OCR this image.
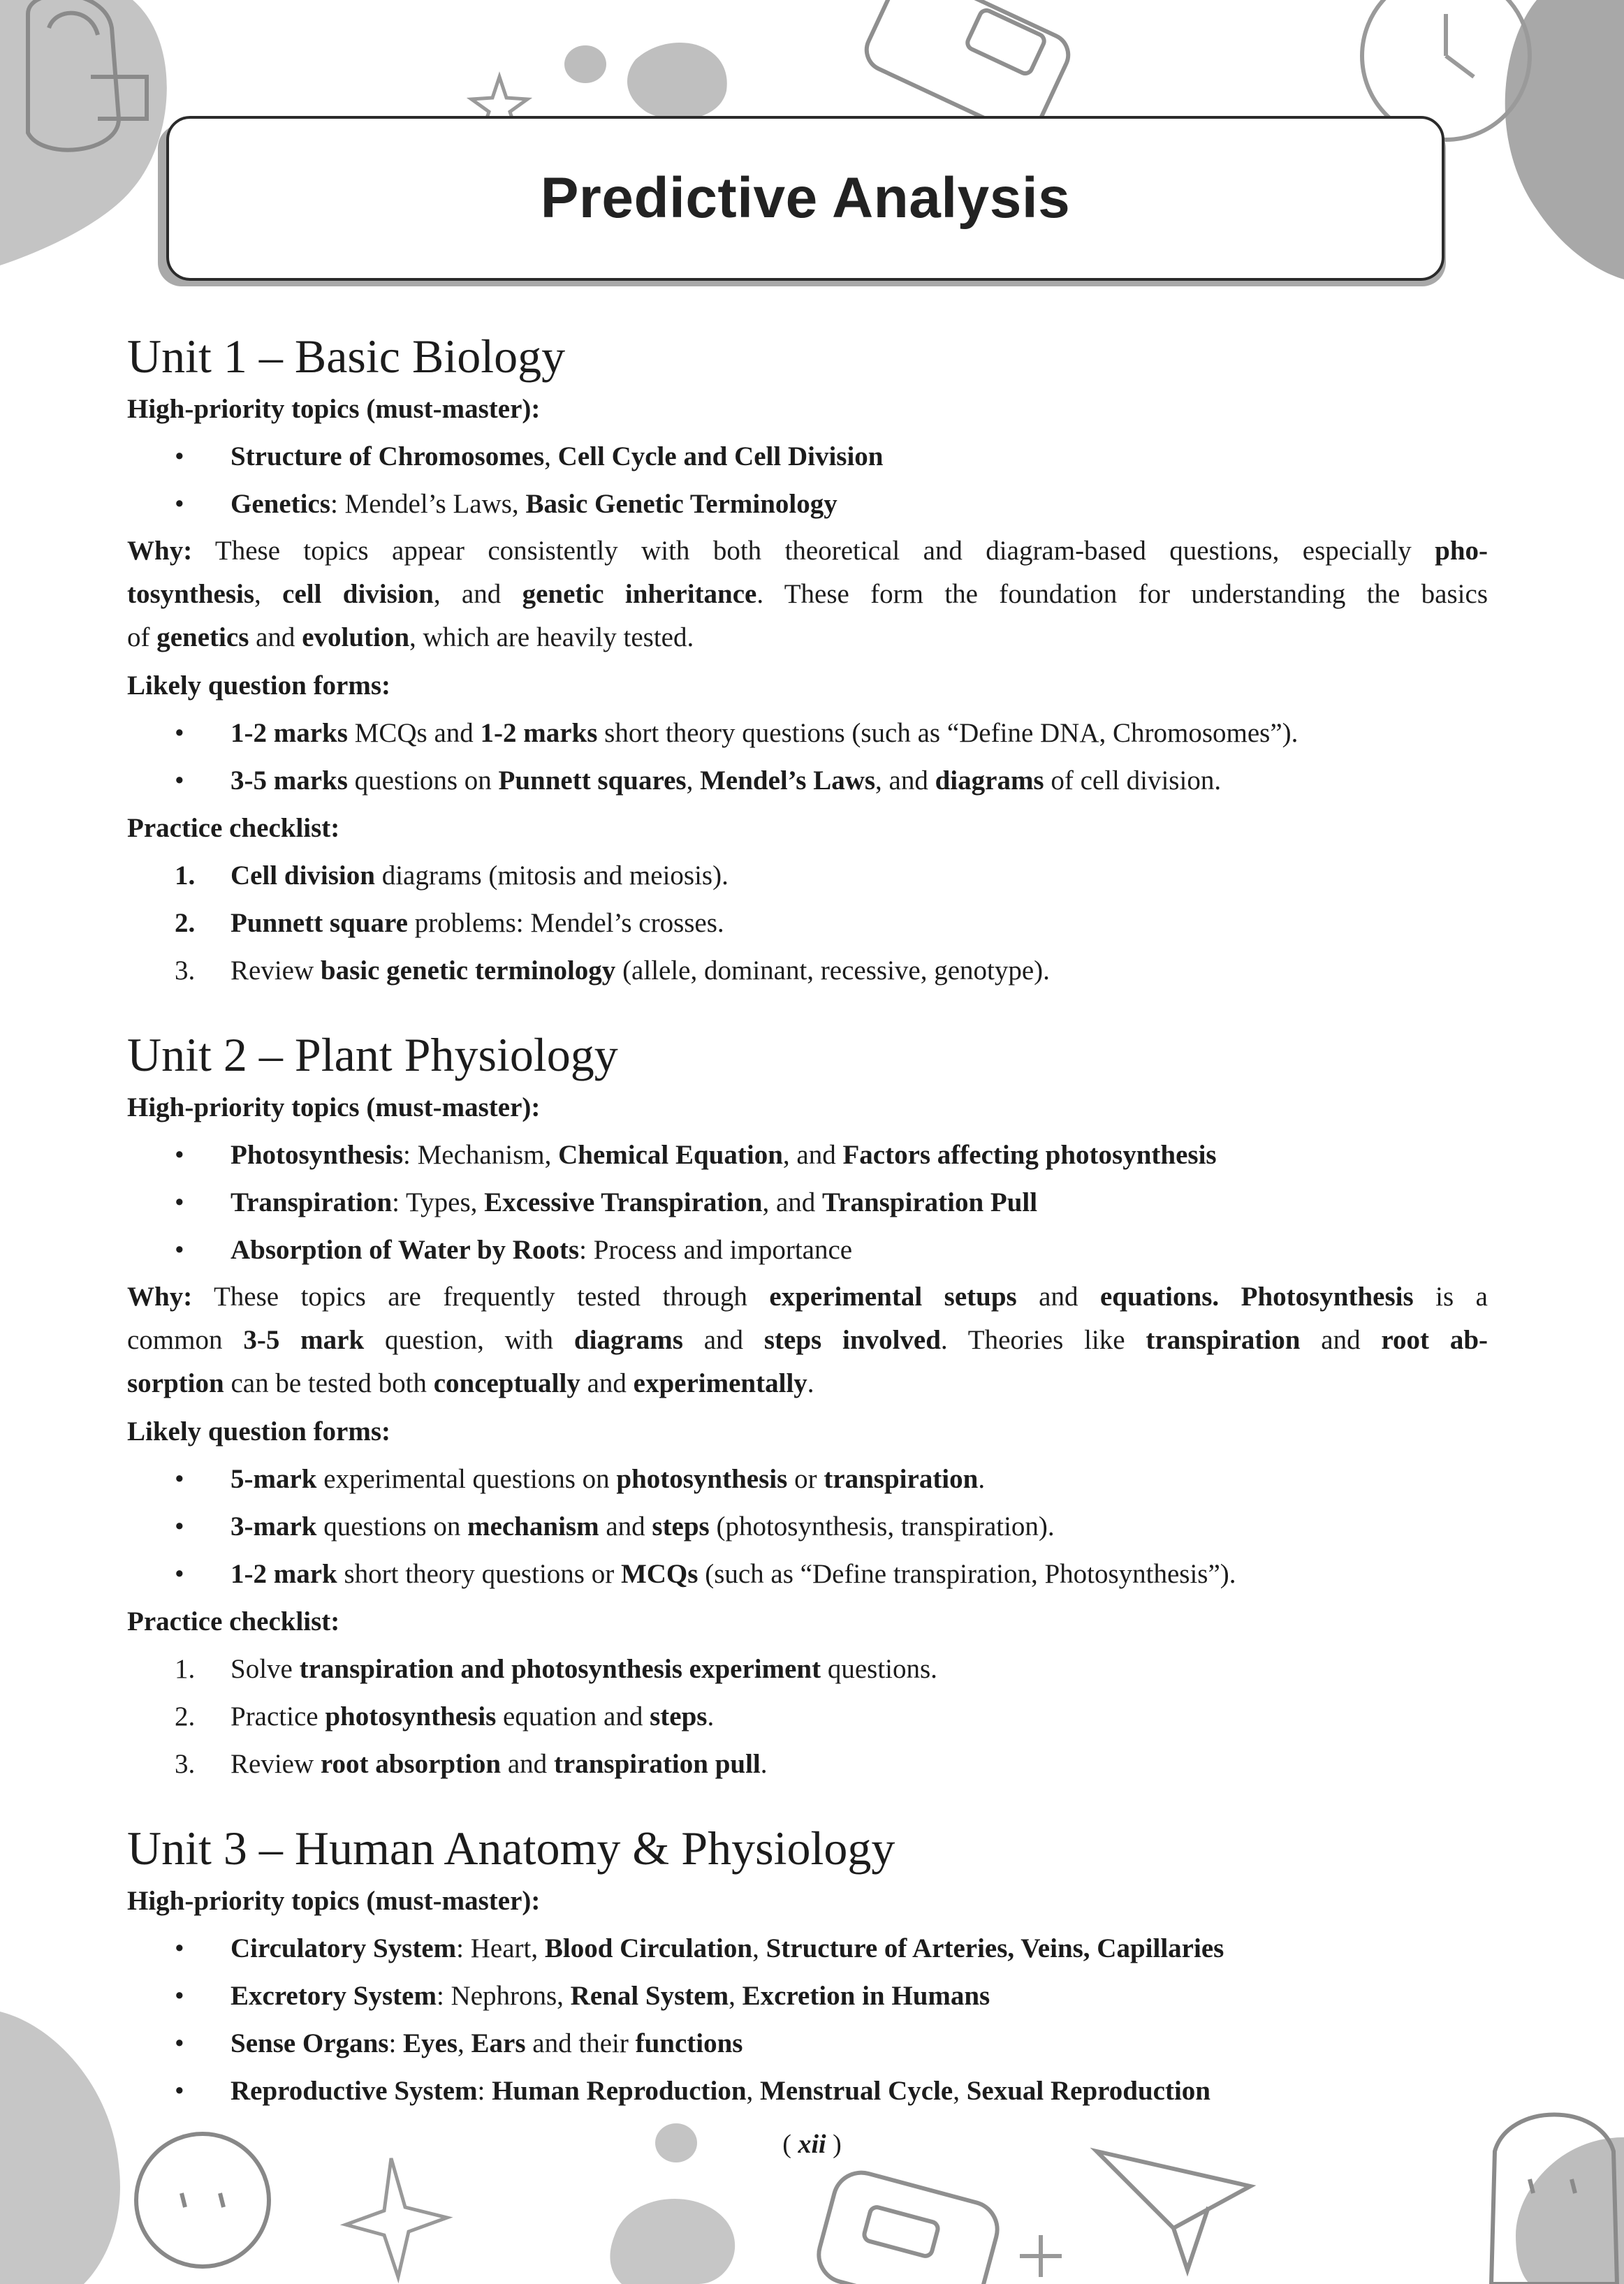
Predictive Analysis
Unit 1 – Basic Biology
High-priority topics (must-master):
• Structure of Chromosomes, Cell Cycle and Cell Division
• Genetics: Mendel’s Laws, Basic Genetic Terminology
Why: These topics appear consistently with both theoretical and diagram-based questions, especially pho-
tosynthesis, cell division, and genetic inheritance. These form the foundation for understanding the basics
of genetics and evolution, which are heavily tested.
Likely question forms:
• 1-2 marks MCQs and 1-2 marks short theory questions (such as “Define DNA, Chromosomes”).
• 3-5 marks questions on Punnett squares, Mendel’s Laws, and diagrams of cell division.
Practice checklist:
1. Cell division diagrams (mitosis and meiosis).
2. Punnett square problems: Mendel’s crosses.
3. Review basic genetic terminology (allele, dominant, recessive, genotype).
Unit 2 – Plant Physiology
High-priority topics (must-master):
• Photosynthesis: Mechanism, Chemical Equation, and Factors affecting photosynthesis
• Transpiration: Types, Excessive Transpiration, and Transpiration Pull
• Absorption of Water by Roots: Process and importance
Why: These topics are frequently tested through experimental setups and equations. Photosynthesis is a
common 3-5 mark question, with diagrams and steps involved. Theories like transpiration and root ab-
sorption can be tested both conceptually and experimentally.
Likely question forms:
• 5-mark experimental questions on photosynthesis or transpiration.
• 3-mark questions on mechanism and steps (photosynthesis, transpiration).
• 1-2 mark short theory questions or MCQs (such as “Define transpiration, Photosynthesis”).
Practice checklist:
1. Solve transpiration and photosynthesis experiment questions.
2. Practice photosynthesis equation and steps.
3. Review root absorption and transpiration pull.
Unit 3 – Human Anatomy & Physiology
High-priority topics (must-master):
• Circulatory System: Heart, Blood Circulation, Structure of Arteries, Veins, Capillaries
• Excretory System: Nephrons, Renal System, Excretion in Humans
• Sense Organs: Eyes, Ears and their functions
• Reproductive System: Human Reproduction, Menstrual Cycle, Sexual Reproduction
( xii )
